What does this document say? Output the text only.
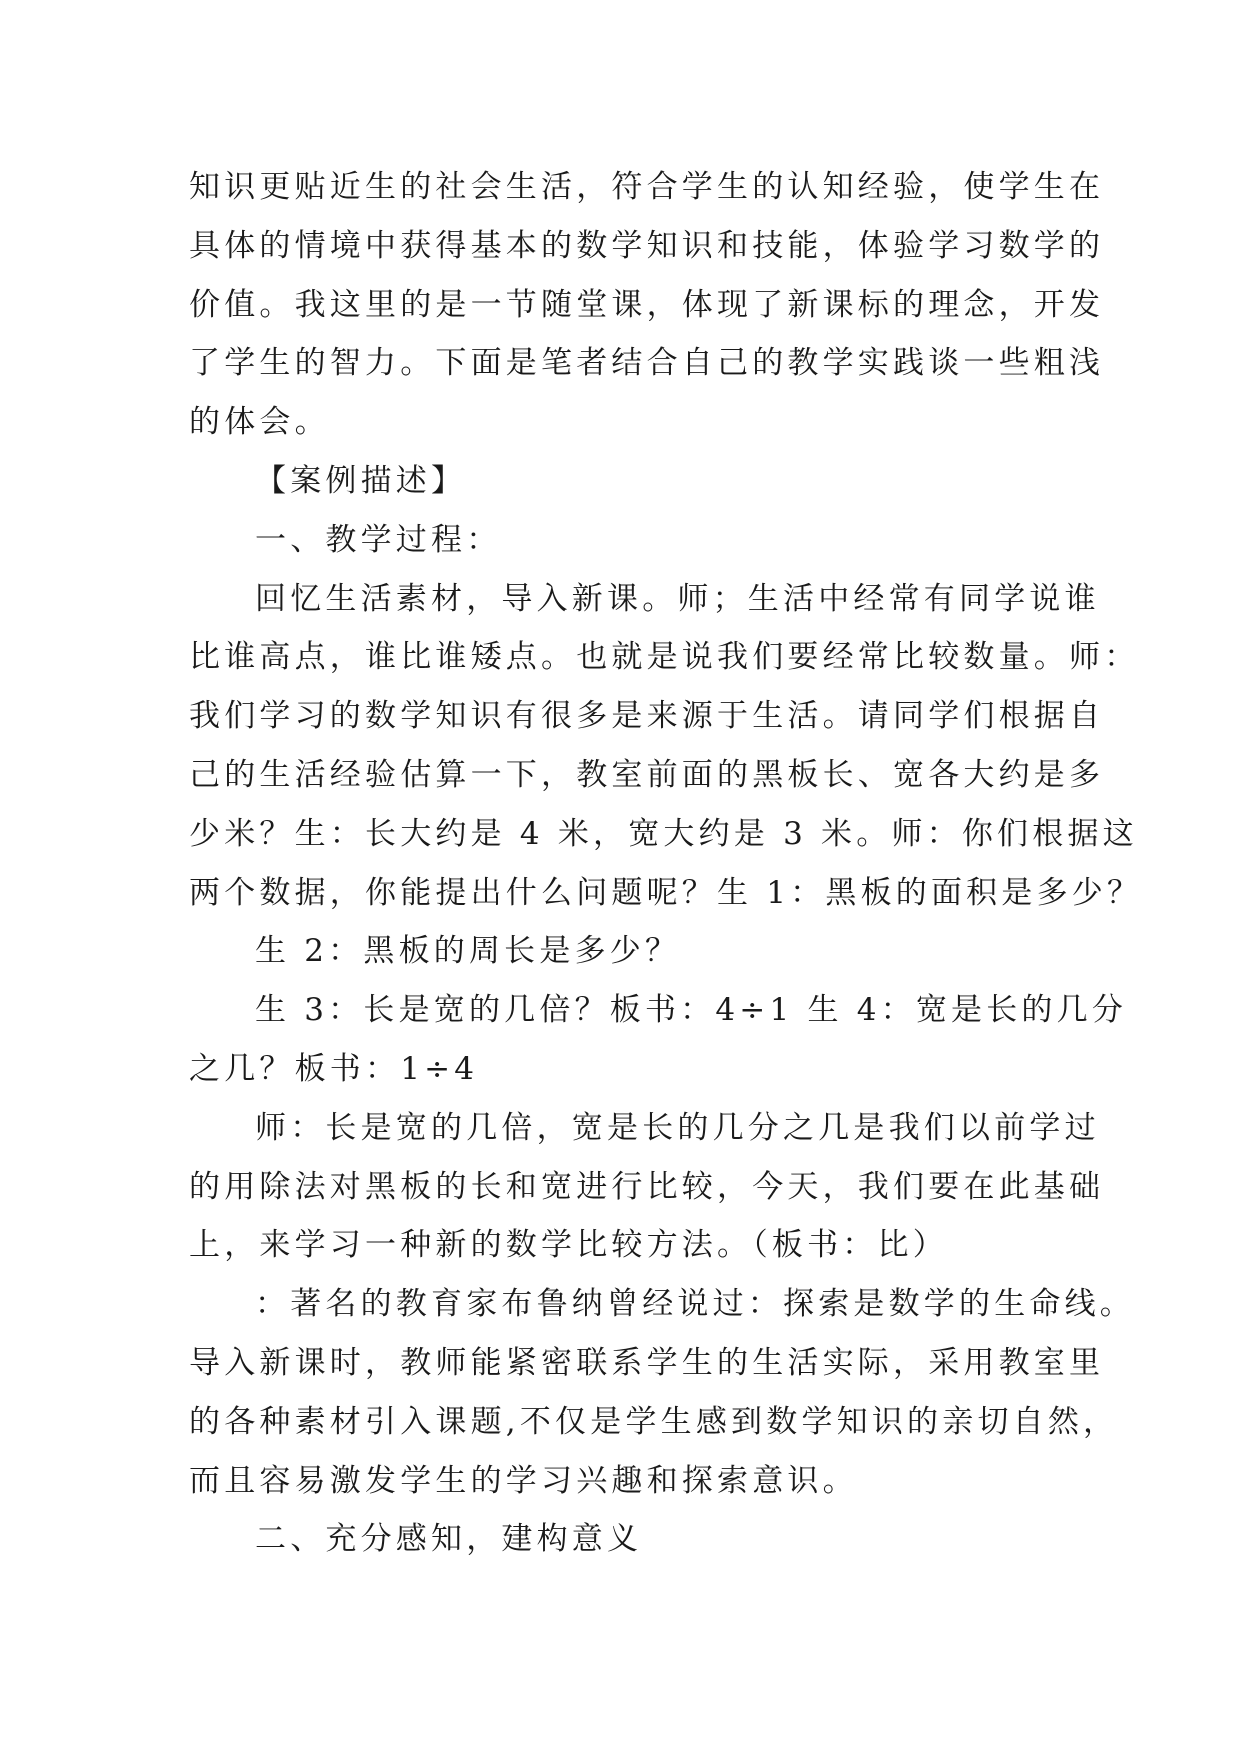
知识更贴近生的社会生活，符合学生的认知经验，使学生在
具体的情境中获得基本的数学知识和技能，体验学习数学的
价值。我这里的是一节随堂课，体现了新课标的理念，开发
了学生的智力。下面是笔者结合自己的教学实践谈一些粗浅
的体会。

【案例描述】

一、教学过程：

回忆生活素材，导入新课。师；生活中经常有同学说谁
比谁高点，谁比谁矮点。也就是说我们要经常比较数量。师：
我们学习的数学知识有很多是来源于生活。请同学们根据自
己的生活经验估算一下，教室前面的黑板长、宽各大约是多
少米？生：长大约是 4 米，宽大约是 3 米。师：你们根据这
两个数据，你能提出什么问题呢？生 1：黑板的面积是多少？

生 2：黑板的周长是多少？

生 3：长是宽的几倍？板书：4÷1 生 4：宽是长的几分
之几？板书：1÷4

师：长是宽的几倍，宽是长的几分之几是我们以前学过
的用除法对黑板的长和宽进行比较，今天，我们要在此基础
上，来学习一种新的数学比较方法。（板书：比）

：著名的教育家布鲁纳曾经说过：探索是数学的生命线。
导入新课时，教师能紧密联系学生的生活实际，采用教室里
的各种素材引入课题,不仅是学生感到数学知识的亲切自然，
而且容易激发学生的学习兴趣和探索意识。

二、充分感知，建构意义
